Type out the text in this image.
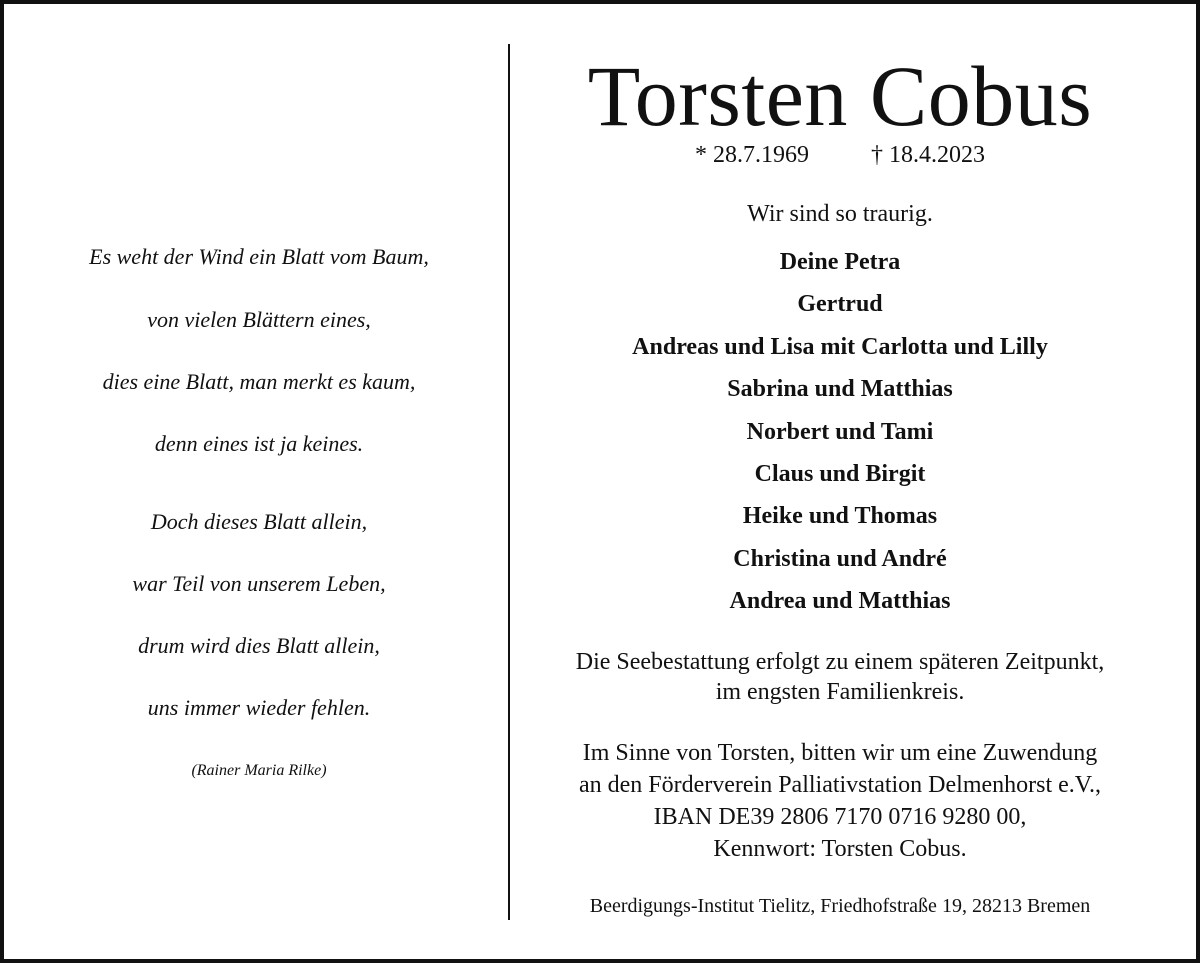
Es weht der Wind ein Blatt vom Baum,
von vielen Blättern eines,
dies eine Blatt, man merkt es kaum,
denn eines ist ja keines.
Doch dieses Blatt allein,
war Teil von unserem Leben,
drum wird dies Blatt allein,
uns immer wieder fehlen.
(Rainer Maria Rilke)
Torsten Cobus
* 28.7.1969	† 18.4.2023
Wir sind so traurig.
Deine Petra
Gertrud
Andreas und Lisa mit Carlotta und Lilly
Sabrina und Matthias
Norbert und Tami
Claus und Birgit
Heike und Thomas
Christina und André
Andrea und Matthias
Die Seebestattung erfolgt zu einem späteren Zeitpunkt,
im engsten Familienkreis.
Im Sinne von Torsten, bitten wir um eine Zuwendung
an den Förderverein Palliativstation Delmenhorst e.V.,
IBAN DE39 2806 7170 0716 9280 00,
Kennwort: Torsten Cobus.
Beerdigungs-Institut Tielitz, Friedhofstraße 19, 28213 Bremen
